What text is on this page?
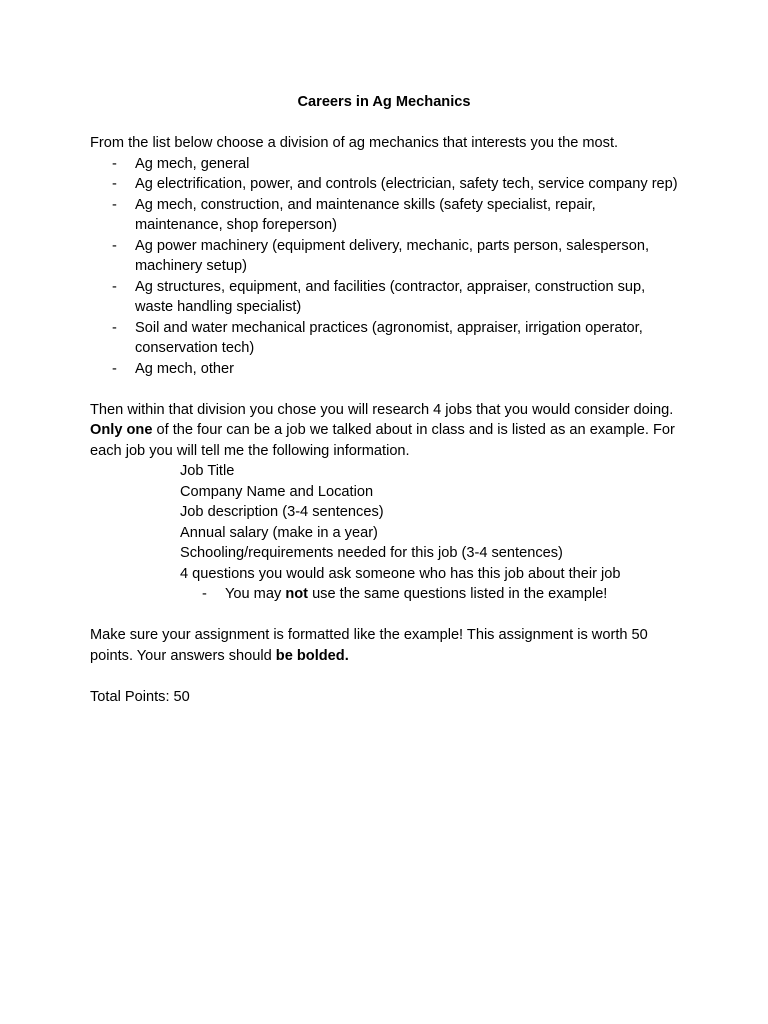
Careers in Ag Mechanics

From the list below choose a division of ag mechanics that interests you the most.

- Ag mech, general
- Ag electrification, power, and controls (electrician, safety tech, service company rep)
- Ag mech, construction, and maintenance skills (safety specialist, repair, maintenance, shop foreperson)
- Ag power machinery (equipment delivery, mechanic, parts person, salesperson, machinery setup)
- Ag structures, equipment, and facilities (contractor, appraiser, construction sup, waste handling specialist)
- Soil and water mechanical practices (agronomist, appraiser, irrigation operator, conservation tech)
- Ag mech, other

Then within that division you chose you will research 4 jobs that you would consider doing. Only one of the four can be a job we talked about in class and is listed as an example. For each job you will tell me the following information.

Job Title
Company Name and Location
Job description (3-4 sentences)
Annual salary (make in a year)
Schooling/requirements needed for this job (3-4 sentences)
4 questions you would ask someone who has this job about their job

- You may not use the same questions listed in the example!

Make sure your assignment is formatted like the example! This assignment is worth 50 points. Your answers should be bolded.

Total Points: 50
